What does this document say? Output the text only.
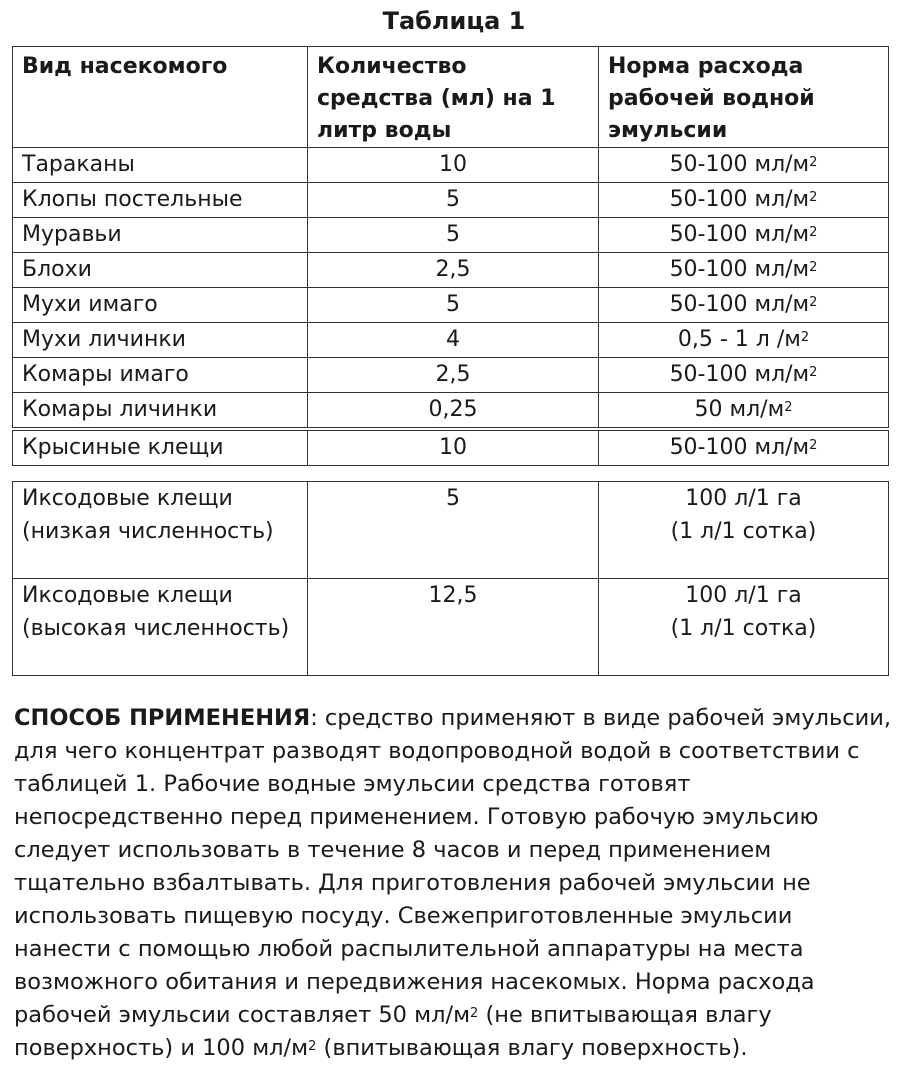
Таблица 1
Вид насекомого	Количество средства (мл) на 1 литр воды	Норма расхода рабочей водной эмульсии
Тараканы	10	50-100 $мл/м^2$
Клопы постельные	5	50-100 $мл/м^2$
Муравьи	5	50-100 $мл/м^2$
Блохи	2,5	50-100 $мл/м^2$
Мухи имаго	5	50-100 $мл/м^2$
Мухи личинки	4	0,5 - 1 л $/м^2$
Комары имаго	2,5	50-100 $мл/м^2$
Комары личинки	0,25	50 $мл/м^2$
Крысиные клещи	10	50-100 $мл/м^2$
Иксодовые клещи (низкая численность)	5	100 л/1 га
(1 л/1 сотка)

Иксодовые клещи (высокая численность)	12,5	100 л/1 га
(1 л/1 сотка)

СПОСОБ ПРИМЕНЕНИЯ: средство применяют в виде рабочей эмульсии, для чего концентрат разводят водопроводной водой в соответствии с таблицей 1. Рабочие водные эмульсии средства готовят непосредственно перед применением. Готовую рабочую эмульсию следует использовать в течение 8 часов и перед применением тщательно взбалтывать. Для приготовления рабочей эмульсии не использовать пищевую посуду. Свежеприготовленные эмульсии нанести с помощью любой распылительной аппаратуры на места возможного обитания и передвижения насекомых. Норма расхода рабочей эмульсии составляет 50 $мл/м^2$ (не впитывающая влагу поверхность) и 100 $мл/м^2$ (впитывающая влагу поверхность).
